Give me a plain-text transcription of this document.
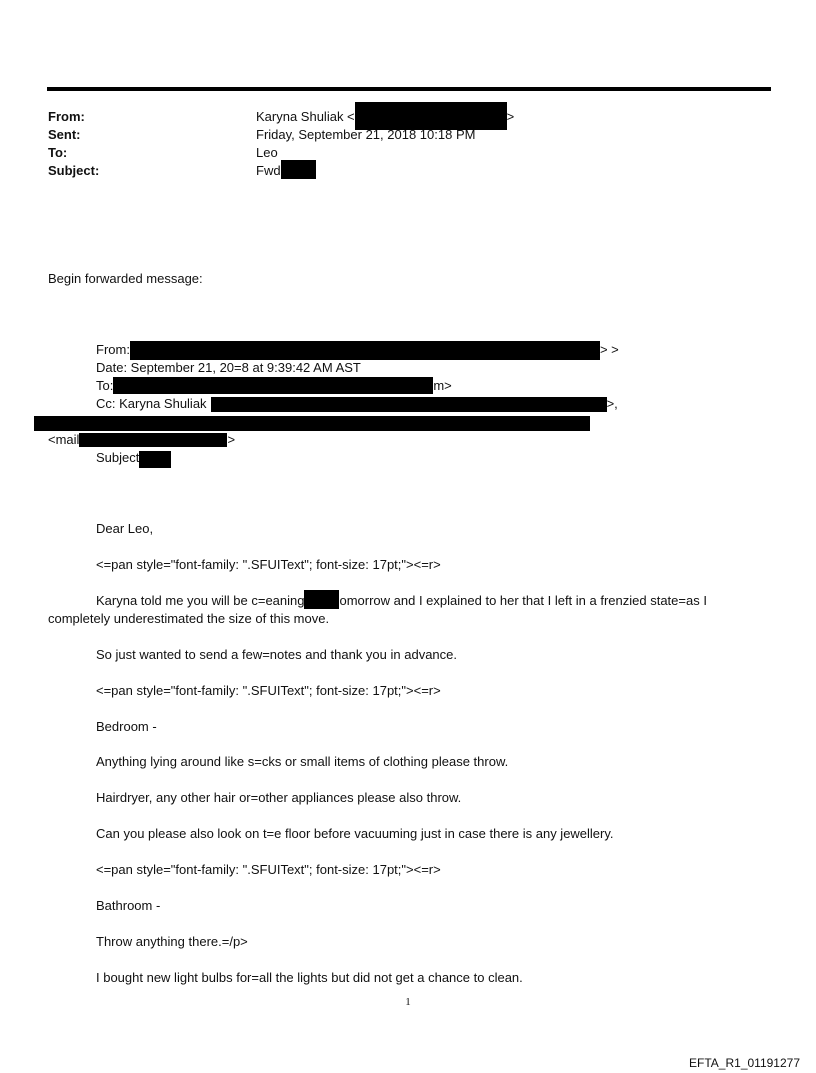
From:	Karyna Shuliak <	>
Sent:	Friday, September 21, 2018 10:18 PM
To:	Leo
Subject:	Fwd
Begin forwarded message:
From:	> >
Date: September 21, 20=8 at 9:39:42 AM AST
To:	m>
Cc: Karyna Shuliak	>,
<mail	>
Subject
Dear Leo,
<=pan style="font-family: ".SFUIText"; font-size: 17pt;"><=r>
Karyna told me you will be c=eaning	omorrow and I explained to her that I left in a frenzied state=as I
completely underestimated the size of this move.
So just wanted to send a few=notes and thank you in advance.
<=pan style="font-family: ".SFUIText"; font-size: 17pt;"><=r>
Bedroom -
Anything lying around like s=cks or small items of clothing please throw.
Hairdryer, any other hair or=other appliances please also throw.
Can you please also look on t=e floor before vacuuming just in case there is any jewellery.
<=pan style="font-family: ".SFUIText"; font-size: 17pt;"><=r>
Bathroom -
Throw anything there.=/p>
I bought new light bulbs for=all the lights but did not get a chance to clean.
1
EFTA_R1_01191277
